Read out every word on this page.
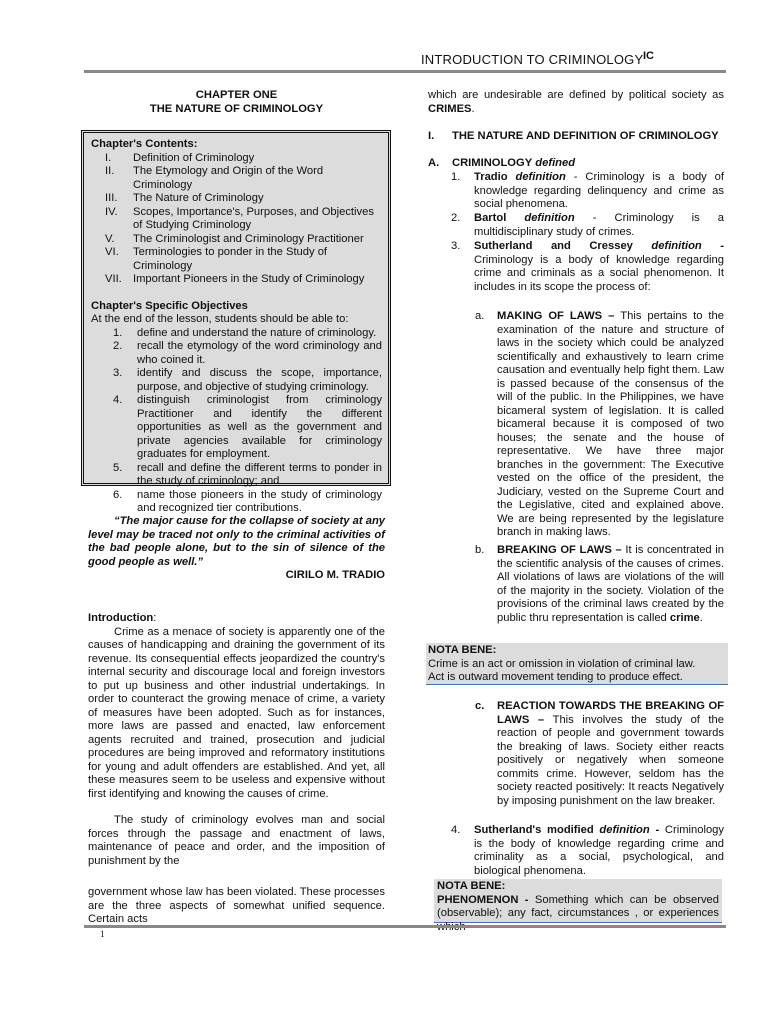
INTRODUCTION TO CRIMINOLOGY IC
CHAPTER ONE
THE NATURE OF CRIMINOLOGY
Chapter's Contents:
I.	Definition of Criminology
II.	The Etymology and Origin of the Word Criminology
III.	The Nature of Criminology
IV.	Scopes, Importance's, Purposes, and Objectives of Studying Criminology
V.	The Criminologist and Criminology Practitioner
VI.	Terminologies to ponder in the Study of Criminology
VII.	Important Pioneers in the Study of Criminology
Chapter's Specific Objectives
At the end of the lesson, students should be able to:
1.	define and understand the nature of criminology.
2.	recall the etymology of the word criminology and who coined it.
3.	identify and discuss the scope, importance, purpose, and objective of studying criminology.
4.	distinguish criminologist from criminology Practitioner and identify the different opportunities as well as the government and private agencies available for criminology graduates for employment.
5.	recall and define the different terms to ponder in the study of criminology; and
6.	name those pioneers in the study of criminology and recognized tier contributions.

“The major cause for the collapse of society at any level may be traced not only to the criminal activities of the bad people alone, but to the sin of silence of the good people as well.”

CIRILO M. TRADIO

Introduction:

Crime as a menace of society is apparently one of the causes of handicapping and draining the government of its revenue. Its consequential effects jeopardized the country's internal security and discourage local and foreign investors to put up business and other industrial undertakings. In order to counteract the growing menace of crime, a variety of measures have been adopted. Such as for instances, more laws are passed and enacted, law enforcement agents recruited and trained, prosecution and judicial procedures are being improved and reformatory institutions for young and adult offenders are established. And yet, all these measures seem to be useless and expensive without first identifying and knowing the causes of crime.

The study of criminology evolves man and social forces through the passage and enactment of laws, maintenance of peace and order, and the imposition of punishment by the

government whose law has been violated. These processes are the three aspects of somewhat unified sequence. Certain acts
which are undesirable are defined by political society as CRIMES.
I. THE NATURE AND DEFINITION OF CRIMINOLOGY
A. CRIMINOLOGY defined
1. Tradio definition - Criminology is a body of knowledge regarding delinquency and crime as social phenomena.
2. Bartol definition - Criminology is a multidisciplinary study of crimes.
3. Sutherland and Cressey definition - Criminology is a body of knowledge regarding crime and criminals as a social phenomenon. It includes in its scope the process of:
a. MAKING OF LAWS – This pertains to the examination of the nature and structure of laws in the society which could be analyzed scientifically and exhaustively to learn crime causation and eventually help fight them. Law is passed because of the consensus of the will of the public. In the Philippines, we have bicameral system of legislation. It is called bicameral because it is composed of two houses; the senate and the house of representative. We have three major branches in the government: The Executive vested on the office of the president, the Judiciary, vested on the Supreme Court and the Legislative, cited and explained above. We are being represented by the legislature branch in making laws.
b. BREAKING OF LAWS – It is concentrated in the scientific analysis of the causes of crimes. All violations of laws are violations of the will of the majority in the society. Violation of the provisions of the criminal laws created by the public thru representation is called crime.
NOTA BENE:
Crime is an act or omission in violation of criminal law.
Act is outward movement tending to produce effect.
c. REACTION TOWARDS THE BREAKING OF LAWS – This involves the study of the reaction of people and government towards the breaking of laws. Society either reacts positively or negatively when someone commits crime. However, seldom has the society reacted positively: It reacts Negatively by imposing punishment on the law breaker.
4. Sutherland's modified definition - Criminology is the body of knowledge regarding crime and criminality as a social, psychological, and biological phenomena.
NOTA BENE:
PHENOMENON - Something which can be observed (observable); any fact, circumstances , or experiences
1
